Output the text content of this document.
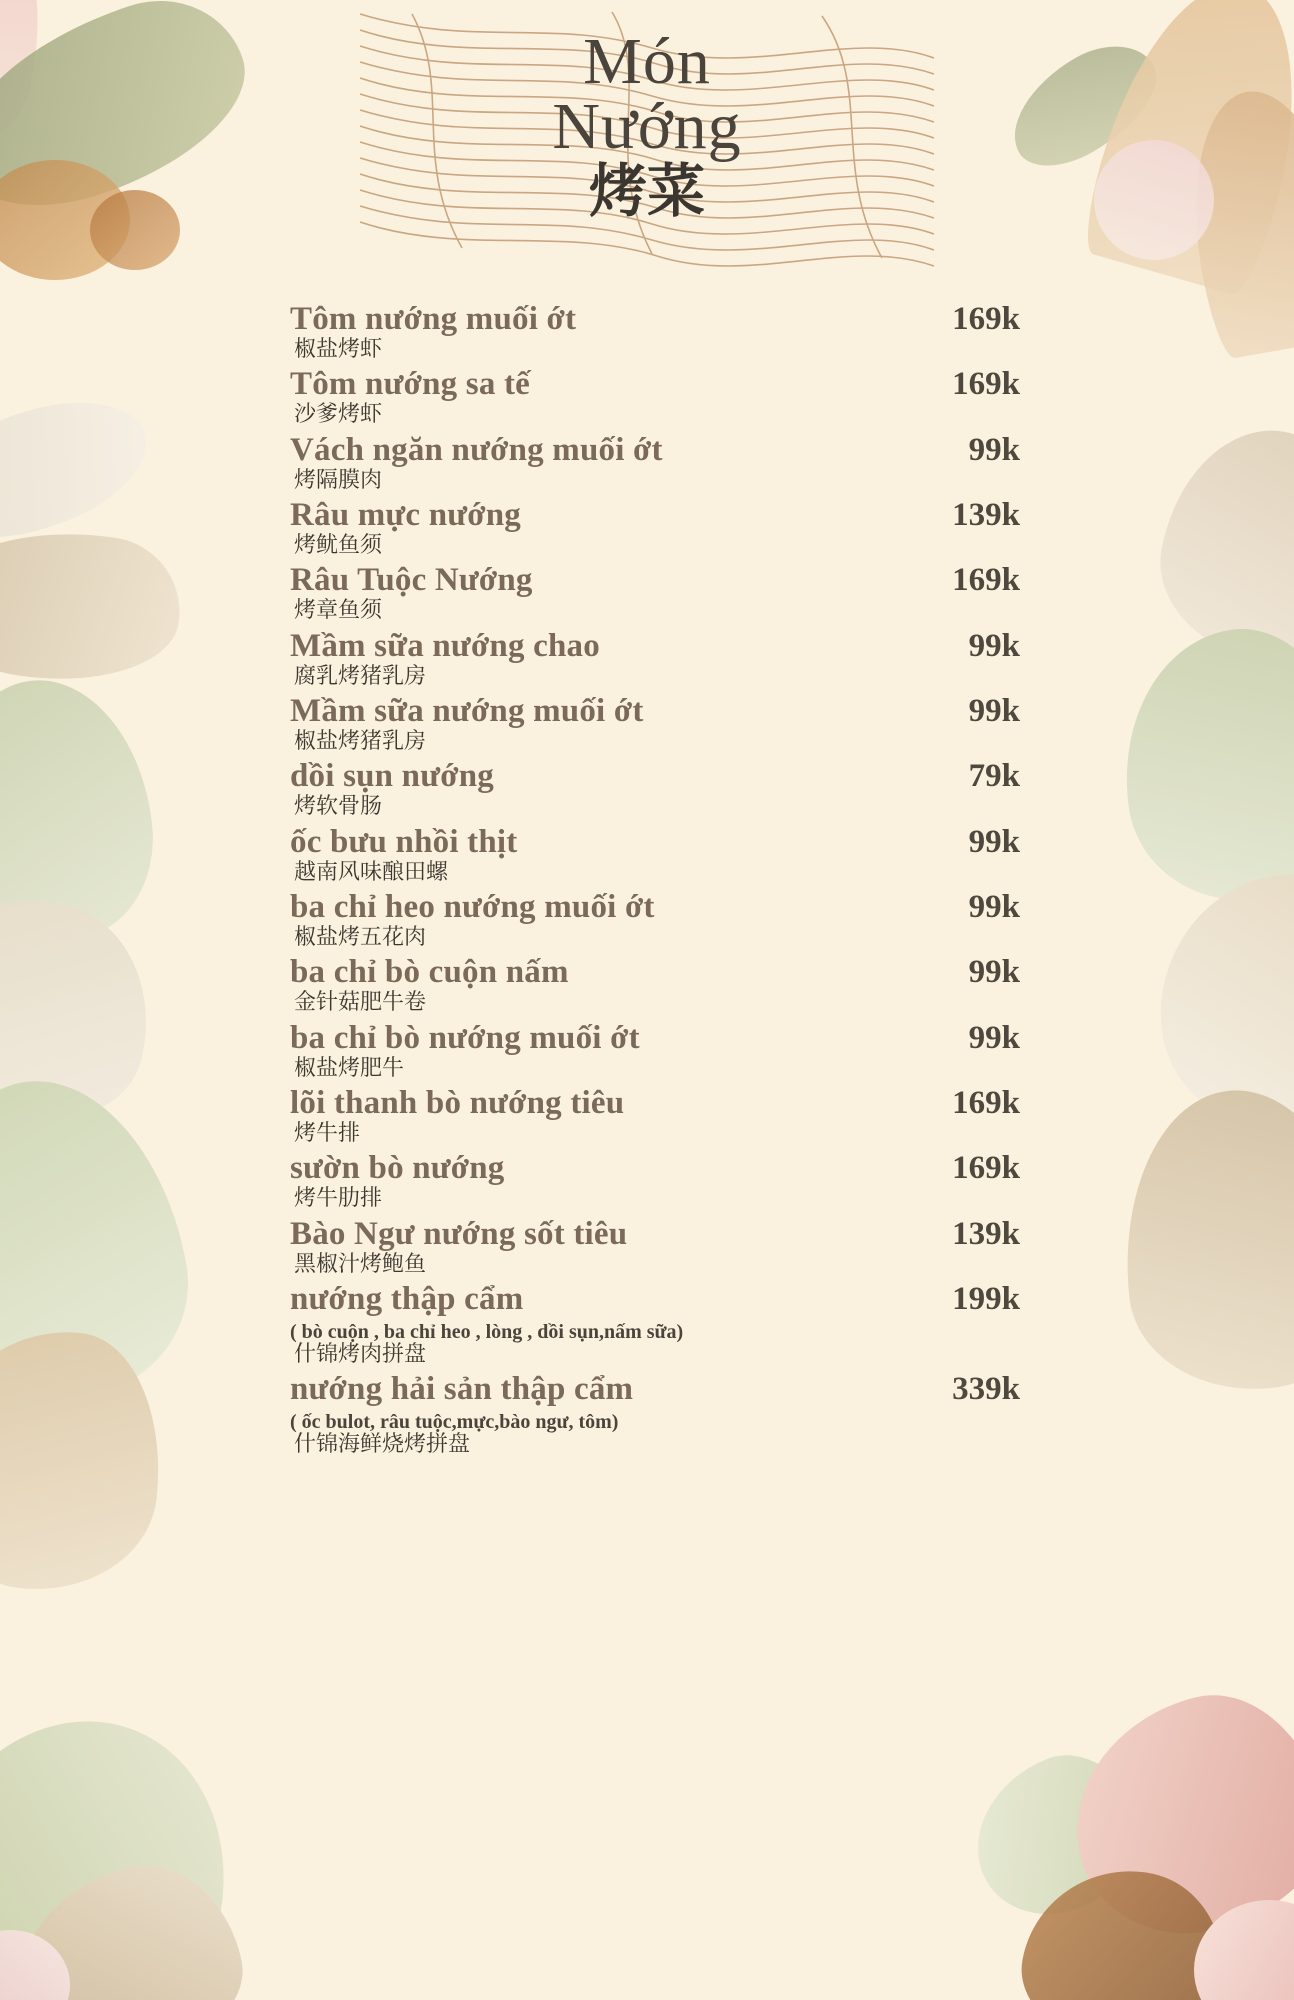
Món
Nướng
烤菜
Tôm nướng muối ớt	169k
椒盐烤虾
Tôm nướng sa tế	169k
沙爹烤虾
Vách ngăn nướng muối ớt	99k
烤隔膜肉
Râu mực nướng	139k
烤鱿鱼须
Râu Tuộc Nướng	169k
烤章鱼须
Mầm sữa nướng chao	99k
腐乳烤猪乳房
Mầm sữa nướng muối ớt	99k
椒盐烤猪乳房
dồi sụn nướng	79k
烤软骨肠
ốc bưu nhồi thịt	99k
越南风味酿田螺
ba chỉ heo nướng muối ớt	99k
椒盐烤五花肉
ba chỉ bò cuộn nấm	99k
金针菇肥牛卷
ba chỉ bò nướng muối ớt	99k
椒盐烤肥牛
lõi thanh bò nướng tiêu	169k
烤牛排
sườn bò nướng	169k
烤牛肋排
Bào Ngư nướng sốt tiêu	139k
黑椒汁烤鲍鱼
nướng thập cẩm	199k
( bò cuộn , ba chỉ heo , lòng , dồi sụn,nấm sữa)
什锦烤肉拼盘
nướng hải sản thập cẩm	339k
( ốc bulot, râu tuộc,mực,bào ngư, tôm)
什锦海鲜烧烤拼盘
